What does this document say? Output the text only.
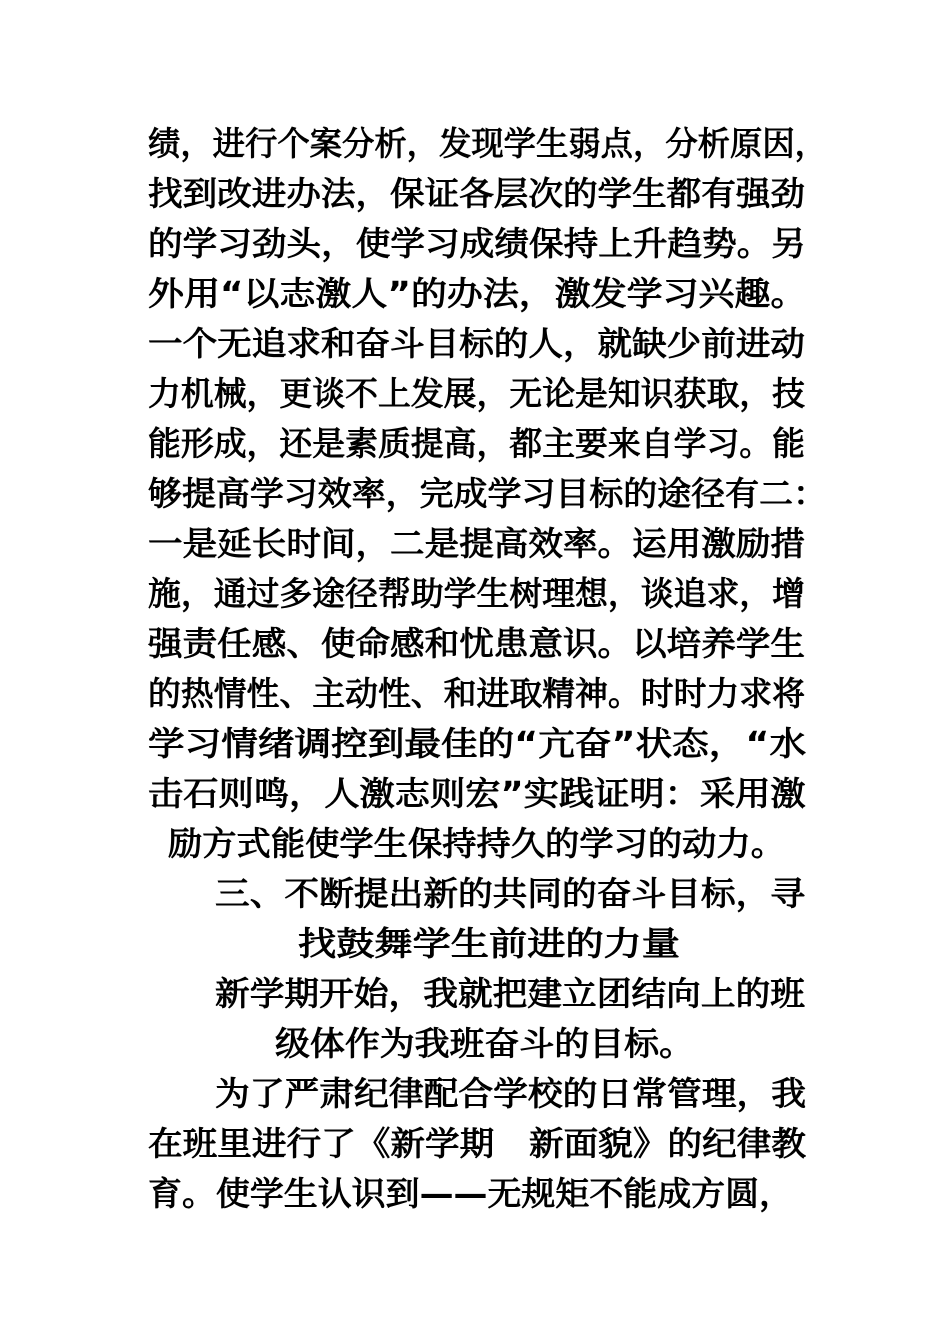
绩，进行个案分析，发现学生弱点，分析原因，
找到改进办法，保证各层次的学生都有强劲
的学习劲头，使学习成绩保持上升趋势。另
外用“以志激人”的办法，激发学习兴趣。
一个无追求和奋斗目标的人，就缺少前进动
力机械，更谈不上发展，无论是知识获取，技
能形成，还是素质提高，都主要来自学习。能
够提高学习效率，完成学习目标的途径有二：
一是延长时间，二是提高效率。运用激励措
施，通过多途径帮助学生树理想，谈追求，增
强责任感、使命感和忧患意识。以培养学生
的热情性、主动性、和进取精神。时时力求将
学习情绪调控到最佳的“亢奋”状态，“水
击石则鸣，人激志则宏”实践证明：采用激
励方式能使学生保持持久的学习的动力。
三、不断提出新的共同的奋斗目标，寻
找鼓舞学生前进的力量
新学期开始，我就把建立团结向上的班
级体作为我班奋斗的目标。
为了严肃纪律配合学校的日常管理，我
在班里进行了《新学期　新面貌》的纪律教
育。使学生认识到——无规矩不能成方圆，
